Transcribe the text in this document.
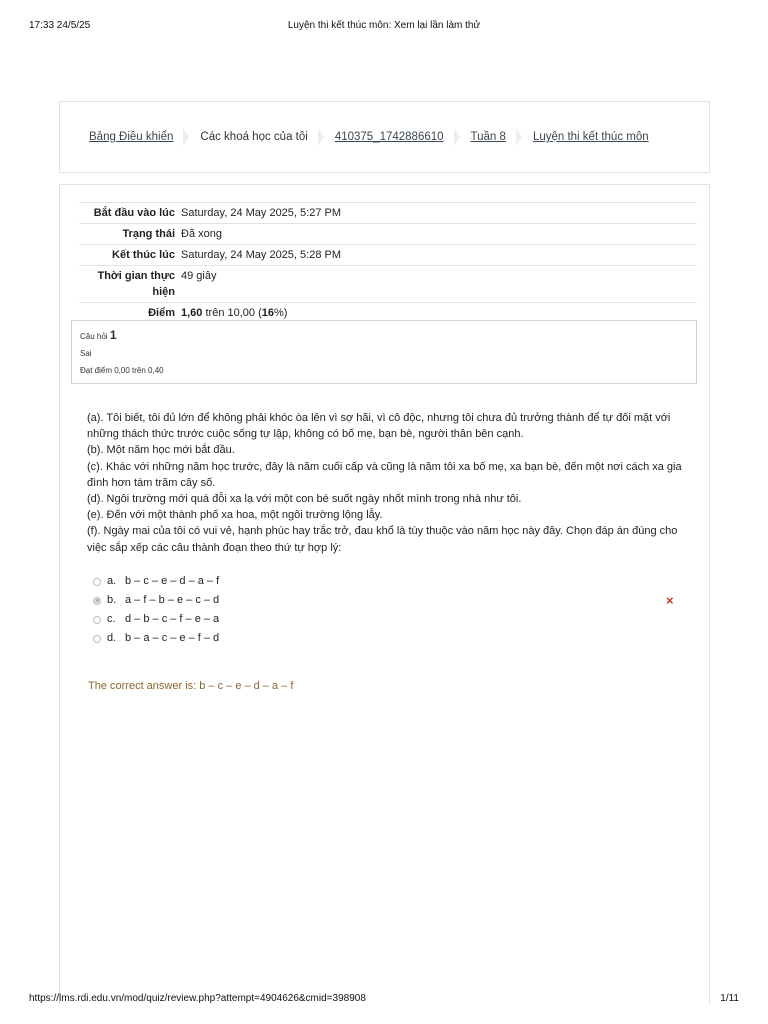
17:33 24/5/25	Luyện thi kết thúc môn: Xem lại lần làm thử
Bảng Điều khiển Các khoá học của tôi 410375_1742886610 Tuần 8 Luyện thi kết thúc môn
Bắt đầu vào lúc	Saturday, 24 May 2025, 5:27 PM
Trạng thái	Đã xong
Kết thúc lúc	Saturday, 24 May 2025, 5:28 PM
Thời gian thực hiện	49 giây
Điểm	1,60 trên 10,00 (16%)
Câu hỏi 1
Sai
Đạt điểm 0,00 trên 0,40

(a). Tôi biết, tôi đủ lớn để không phải khóc òa lên vì sợ hãi, vì cô độc, nhưng tôi chưa đủ trưởng thành để tự đối mặt với những thách thức trước cuộc sống tự lập, không có bố mẹ, bạn bè, người thân bên cạnh.

(b). Một năm học mới bắt đầu.

(c). Khác với những năm học trước, đây là năm cuối cấp và cũng là năm tôi xa bố mẹ, xa bạn bè, đến một nơi cách xa gia đình hơn tám trăm cây số.

(d). Ngôi trường mới quá đỗi xa lạ với một con bé suốt ngày nhốt mình trong nhà như tôi.

(e). Đến với một thành phố xa hoa, một ngôi trường lộng lẫy.

(f). Ngày mai của tôi có vui vẻ, hạnh phúc hay trắc trở, đau khổ là tùy thuộc vào năm học này đây. Chọn đáp án đúng cho việc sắp xếp các câu thành đoạn theo thứ tự hợp lý:

a. b – c – e – d – a – f
b. a – f – b – e – c – d	×
c. d – b – c – f – e – a
d. b – a – c – e – f – d
The correct answer is: b – c – e – d – a – f
https://lms.rdi.edu.vn/mod/quiz/review.php?attempt=4904626&cmid=398908	1/11
